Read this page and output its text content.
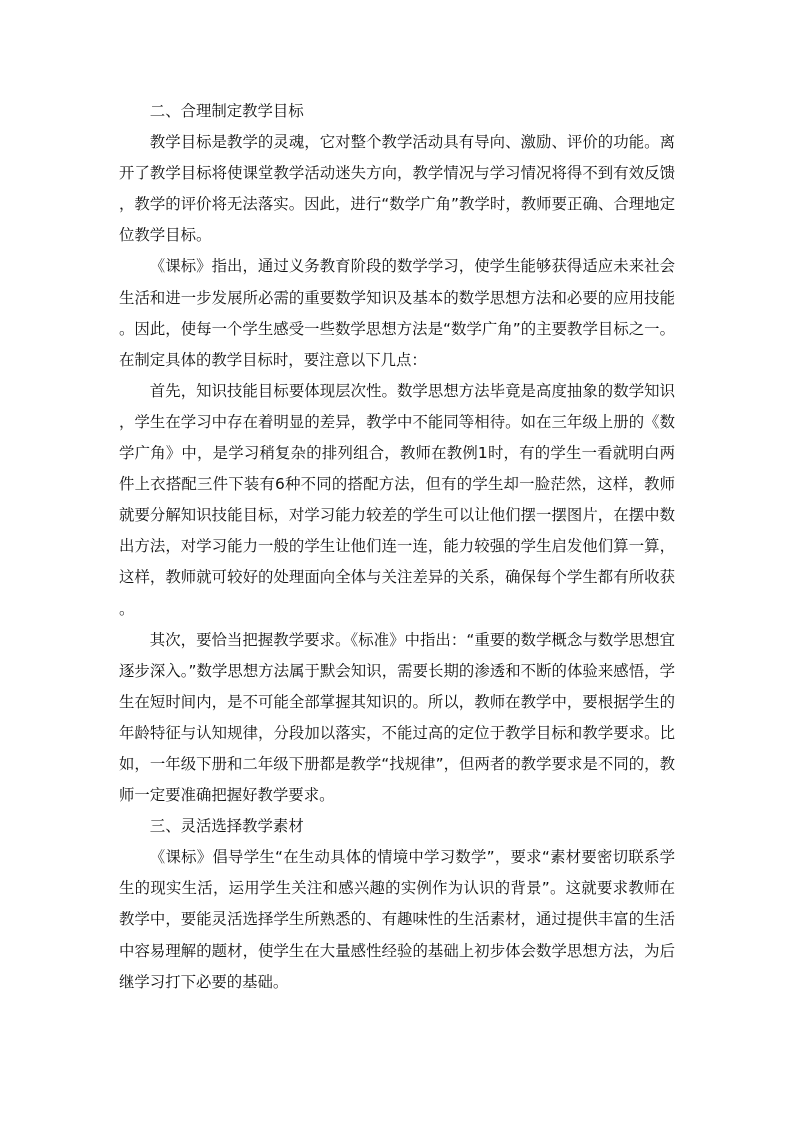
二、合理制定教学目标

教学目标是教学的灵魂，它对整个教学活动具有导向、激励、评价的功能。离开了教学目标将使课堂教学活动迷失方向，教学情况与学习情况将得不到有效反馈，教学的评价将无法落实。因此，进行“数学广角”教学时，教师要正确、合理地定位教学目标。

《课标》指出，通过义务教育阶段的数学学习，使学生能够获得适应未来社会生活和进一步发展所必需的重要数学知识及基本的数学思想方法和必要的应用技能。因此，使每一个学生感受一些数学思想方法是“数学广角”的主要教学目标之一。在制定具体的教学目标时，要注意以下几点：

首先，知识技能目标要体现层次性。数学思想方法毕竟是高度抽象的数学知识，学生在学习中存在着明显的差异，教学中不能同等相待。如在三年级上册的《数学广角》中，是学习稍复杂的排列组合，教师在教例1时，有的学生一看就明白两件上衣搭配三件下装有6种不同的搭配方法，但有的学生却一脸茫然，这样，教师就要分解知识技能目标，对学习能力较差的学生可以让他们摆一摆图片，在摆中数出方法，对学习能力一般的学生让他们连一连，能力较强的学生启发他们算一算，这样，教师就可较好的处理面向全体与关注差异的关系，确保每个学生都有所收获。

其次，要恰当把握教学要求。《标准》中指出：“重要的数学概念与数学思想宜逐步深入。”数学思想方法属于默会知识，需要长期的渗透和不断的体验来感悟，学生在短时间内，是不可能全部掌握其知识的。所以，教师在教学中，要根据学生的年龄特征与认知规律，分段加以落实，不能过高的定位于教学目标和教学要求。比如，一年级下册和二年级下册都是教学“找规律”，但两者的教学要求是不同的，教师一定要准确把握好教学要求。

三、灵活选择教学素材

《课标》倡导学生“在生动具体的情境中学习数学”，要求“素材要密切联系学生的现实生活，运用学生关注和感兴趣的实例作为认识的背景”。这就要求教师在教学中，要能灵活选择学生所熟悉的、有趣味性的生活素材，通过提供丰富的生活中容易理解的题材，使学生在大量感性经验的基础上初步体会数学思想方法，为后继学习打下必要的基础。
